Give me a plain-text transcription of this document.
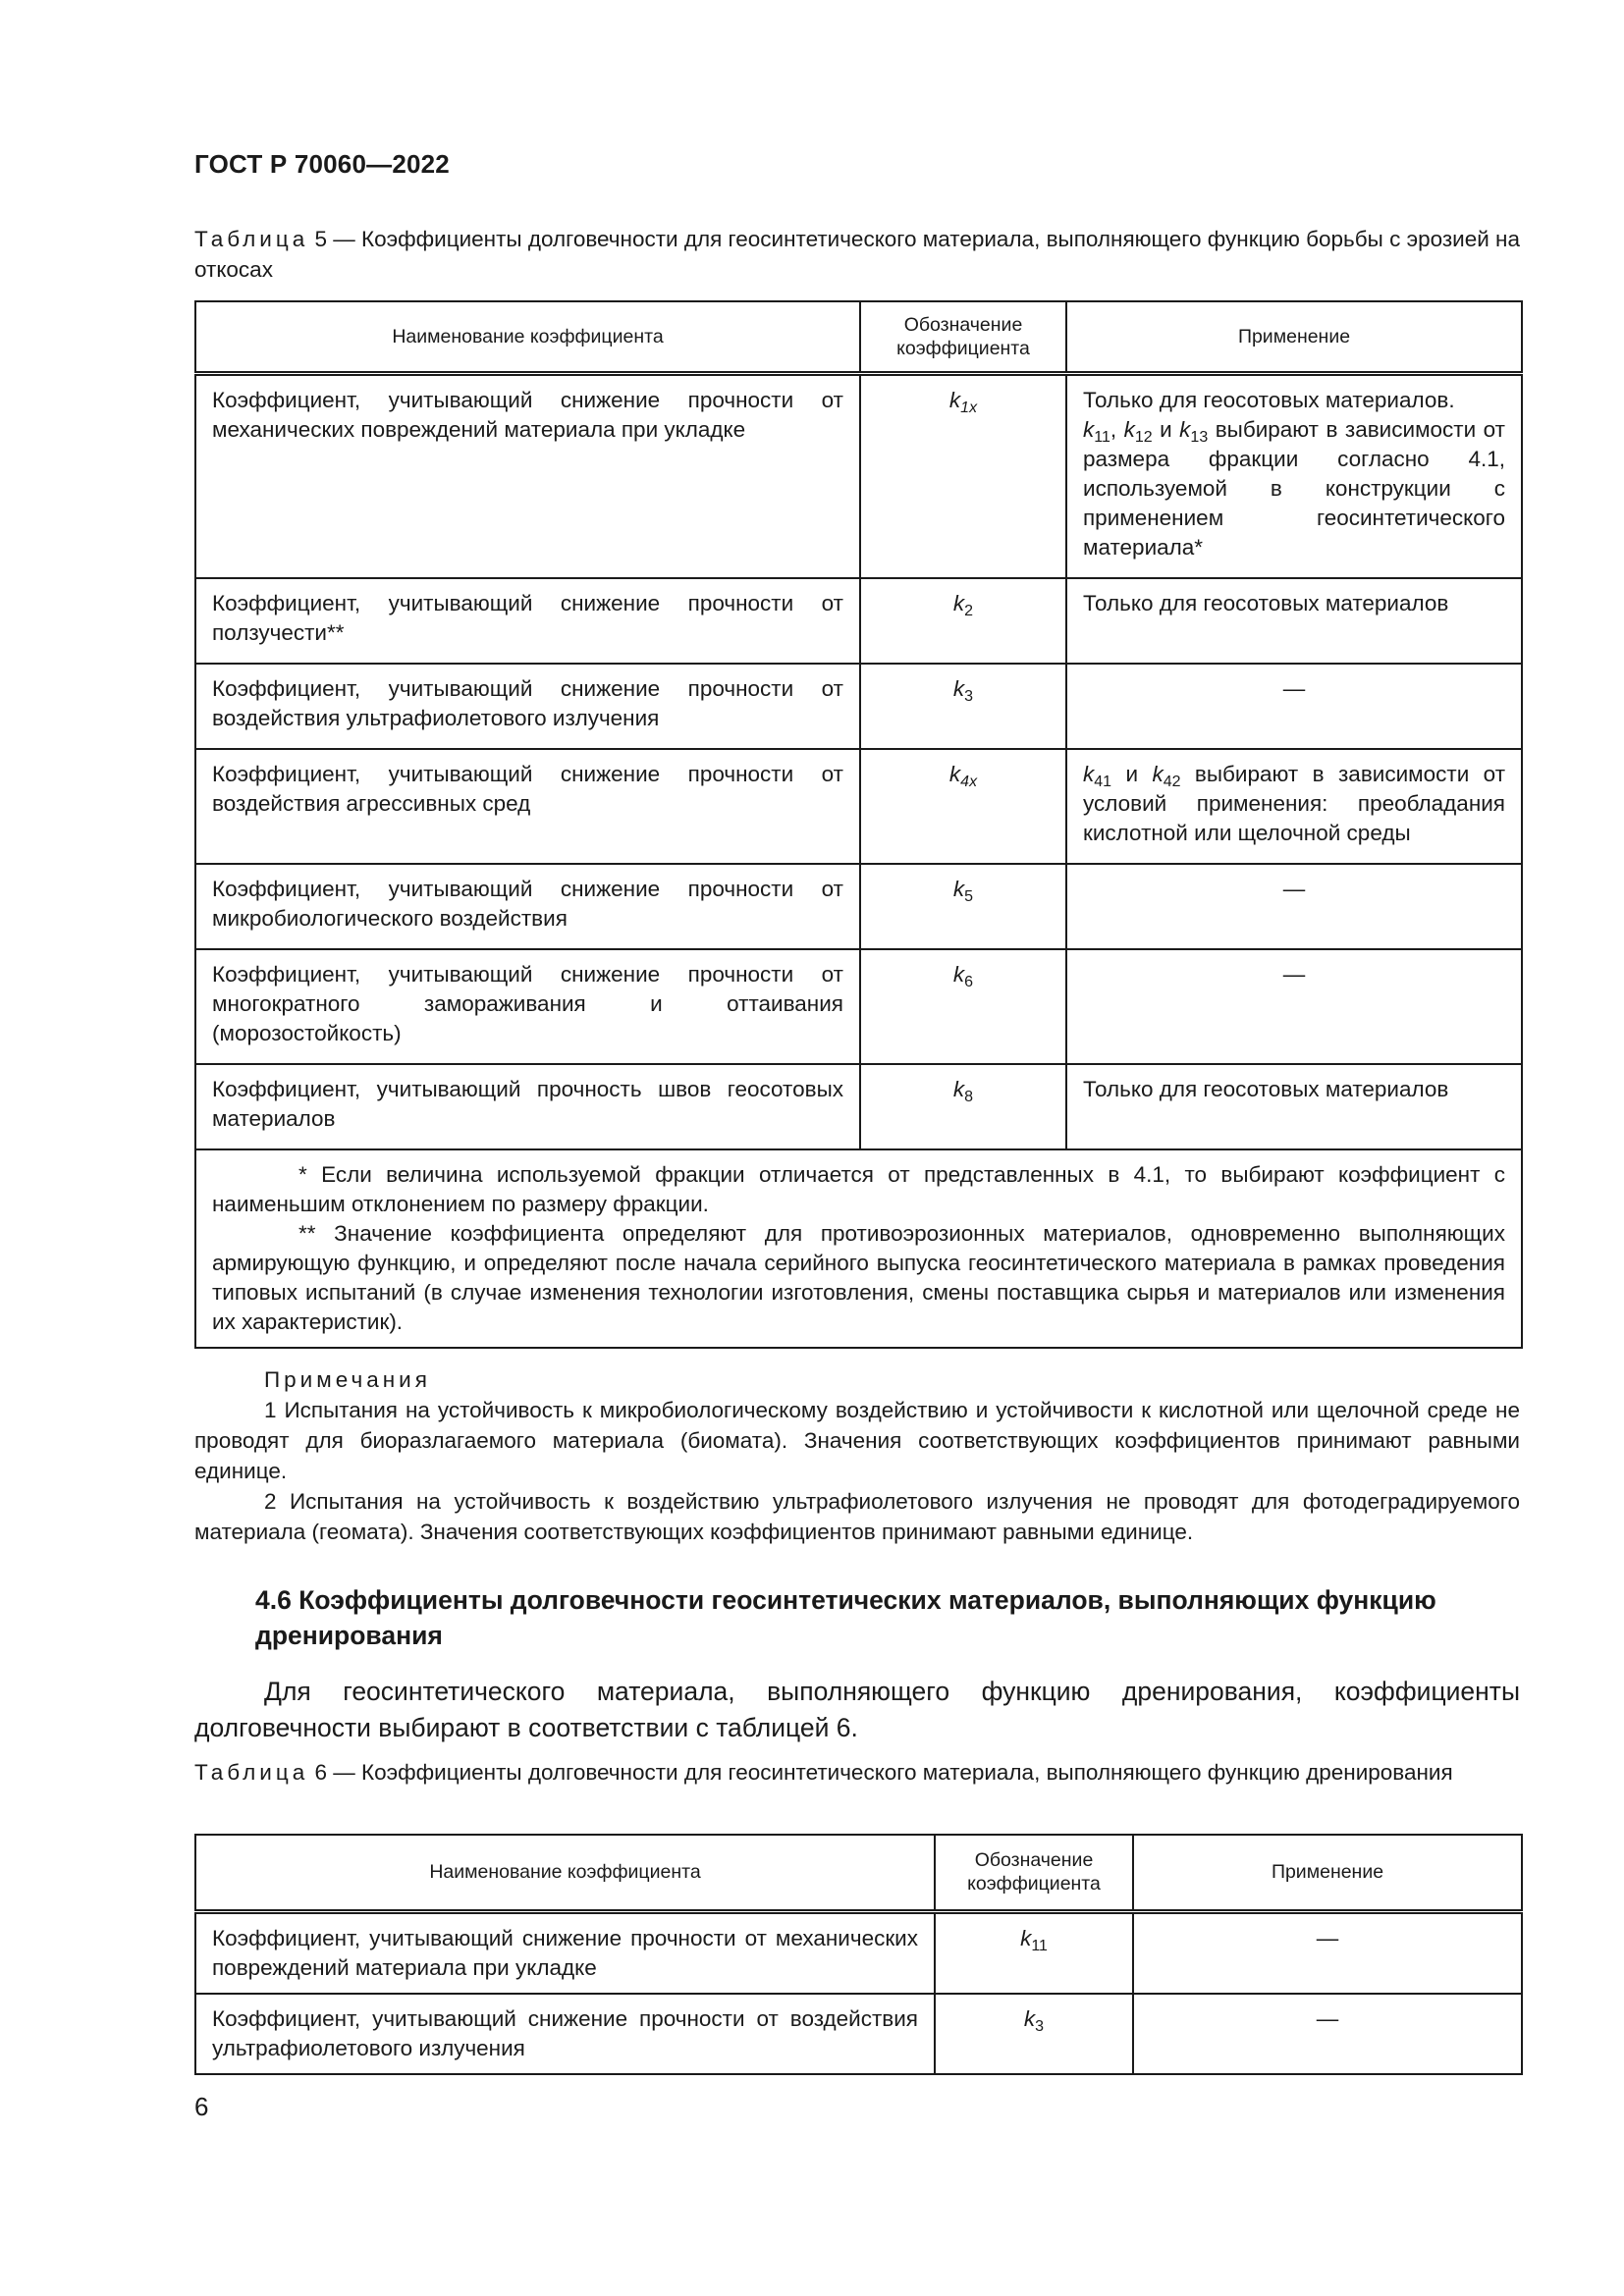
ГОСТ Р 70060—2022
Таблица 5 — Коэффициенты долговечности для геосинтетического материала, выполняющего функцию борьбы с эрозией на откосах
Наименование коэффициента	Обозначение коэффициента	Применение
Коэффициент, учитывающий снижение прочности от механических повреждений материала при укладке	$k_{1x}$	Только для геосотовых материалов.
$k_{11}$, $k_{12}$ и $k_{13}$ выбирают в зависимости от размера фракции согласно 4.1, используемой в конструкции с применением геосинтетического материала*
Коэффициент, учитывающий снижение прочности от ползучести**	$k_2$	Только для геосотовых материалов
Коэффициент, учитывающий снижение прочности от воздействия ультрафиолетового излучения	$k_3$	—
Коэффициент, учитывающий снижение прочности от воздействия агрессивных сред	$k_{4x}$	$k_{41}$ и $k_{42}$ выбирают в зависимости от условий применения: преобладания кислотной или щелочной среды
Коэффициент, учитывающий снижение прочности от микробиологического воздействия	$k_5$	—
Коэффициент, учитывающий снижение прочности от многократного замораживания и оттаивания (морозостойкость)	$k_6$	—
Коэффициент, учитывающий прочность швов геосотовых материалов	$k_8$	Только для геосотовых материалов

* Если величина используемой фракции отличается от представленных в 4.1, то выбирают коэффициент с наименьшим отклонением по размеру фракции.
** Значение коэффициента определяют для противоэрозионных материалов, одновременно выполняющих армирующую функцию, и определяют после начала серийного выпуска геосинтетического материала в рамках проведения типовых испытаний (в случае изменения технологии изготовления, смены поставщика сырья и материалов или изменения их характеристик).		
Примечания
1 Испытания на устойчивость к микробиологическому воздействию и устойчивости к кислотной или щелочной среде не проводят для биоразлагаемого материала (биомата). Значения соответствующих коэффициентов принимают равными единице.
2 Испытания на устойчивость к воздействию ультрафиолетового излучения не проводят для фотодеградируемого материала (геомата). Значения соответствующих коэффициентов принимают равными единице.
4.6 Коэффициенты долговечности геосинтетических материалов, выполняющих функцию дренирования
Для геосинтетического материала, выполняющего функцию дренирования, коэффициенты долговечности выбирают в соответствии с таблицей 6.
Таблица 6 — Коэффициенты долговечности для геосинтетического материала, выполняющего функцию дренирования
Наименование коэффициента	Обозначение коэффициента	Применение
Коэффициент, учитывающий снижение прочности от механических повреждений материала при укладке	$k_{11}$	—
Коэффициент, учитывающий снижение прочности от воздействия ультрафиолетового излучения	$k_3$	—
6
